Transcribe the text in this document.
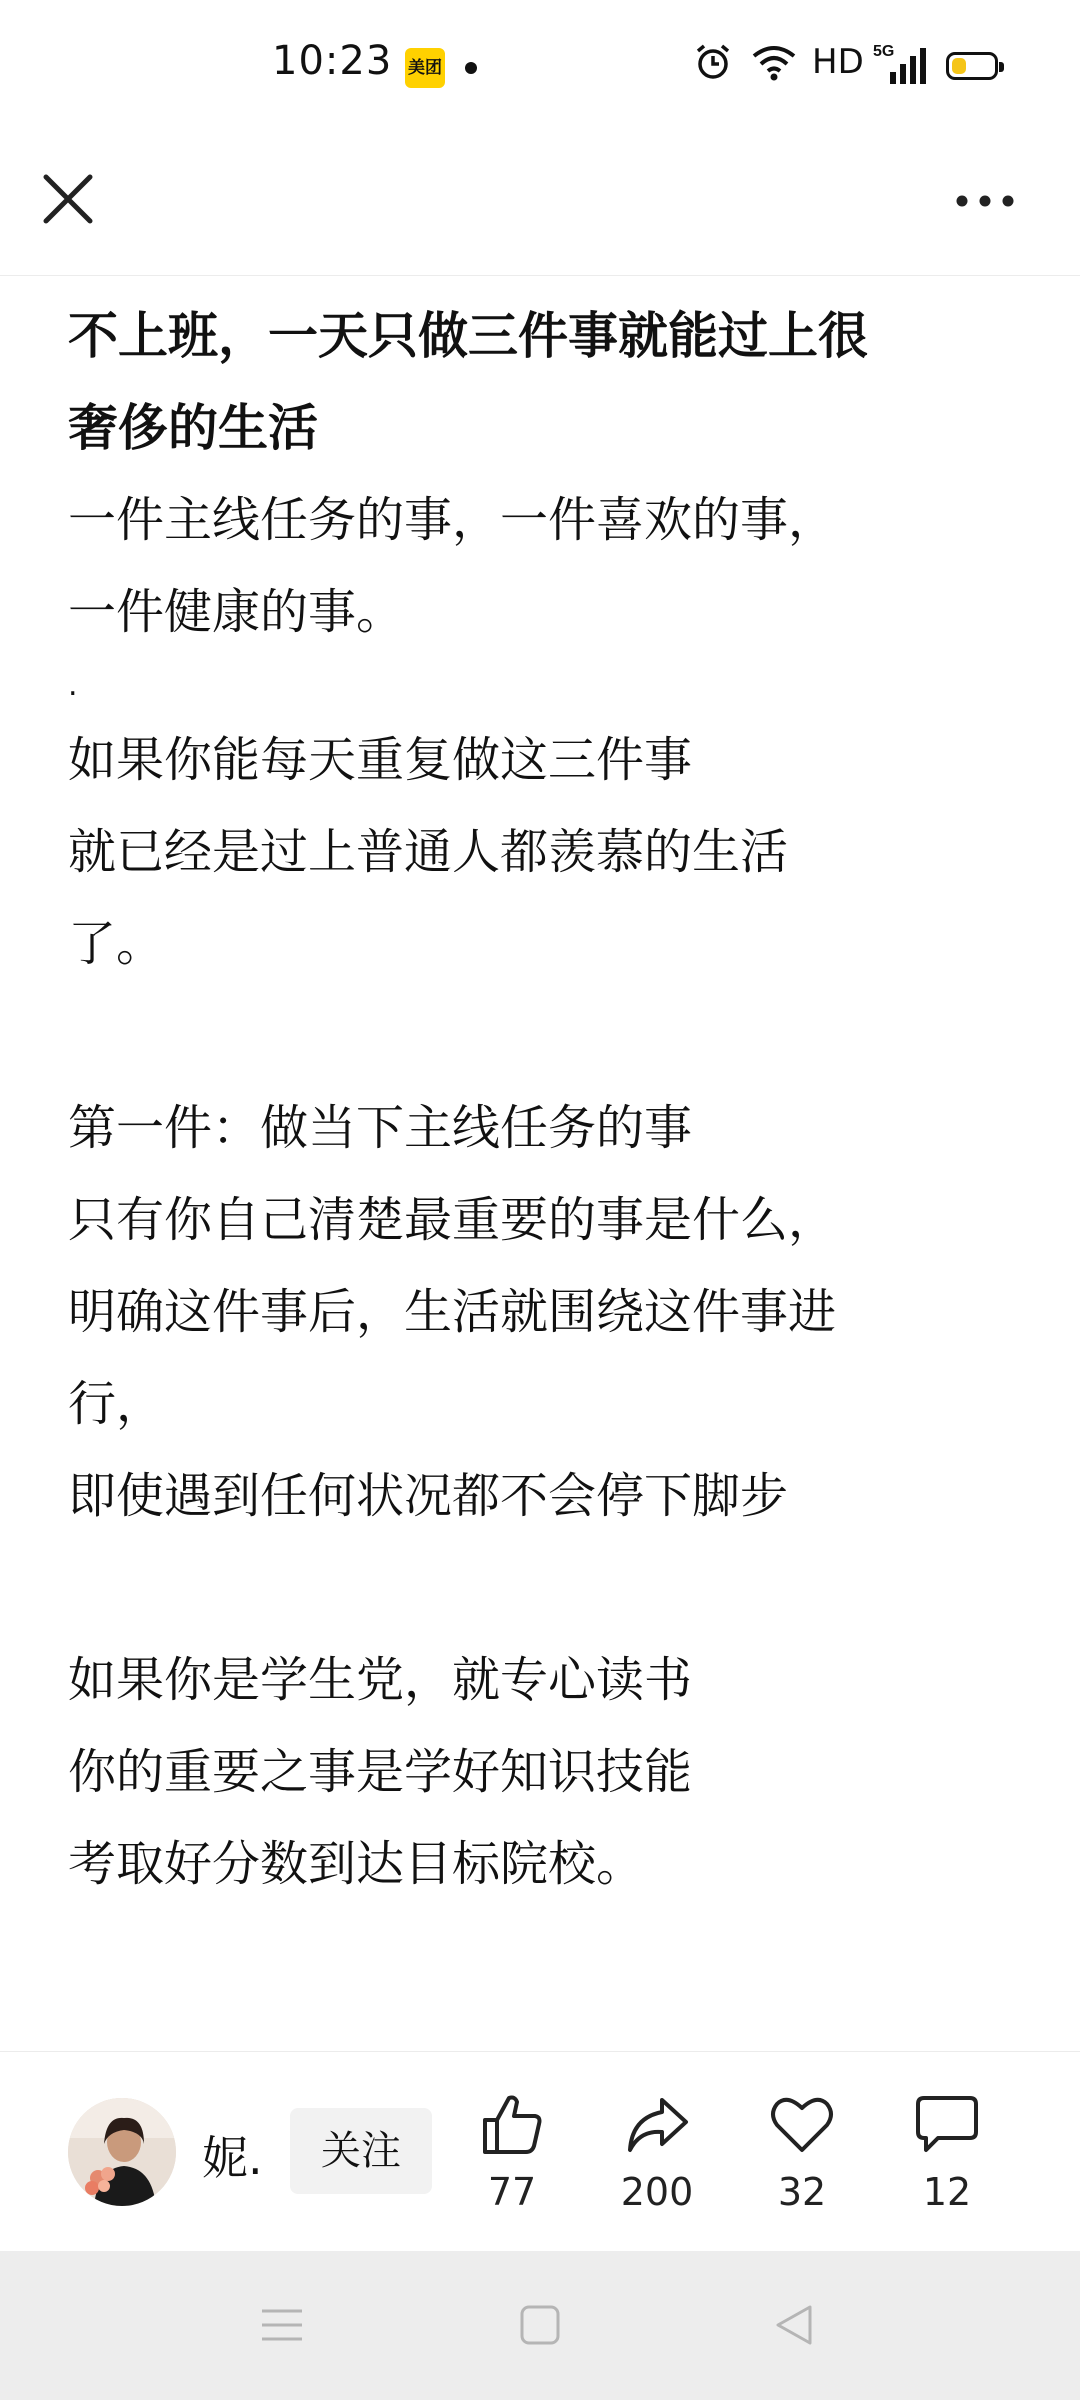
10:23 美团	HD 5G
不上班，一天只做三件事就能过上很
奢侈的生活
一件主线任务的事，一件喜欢的事，
一件健康的事。
.
如果你能每天重复做这三件事
就已经是过上普通人都羡慕的生活
了。
第一件：做当下主线任务的事
只有你自己清楚最重要的事是什么，
明确这件事后，生活就围绕这件事进
行，
即使遇到任何状况都不会停下脚步
如果你是学生党，就专心读书
你的重要之事是学好知识技能
考取好分数到达目标院校。
妮.	关注
77	200	32	12
